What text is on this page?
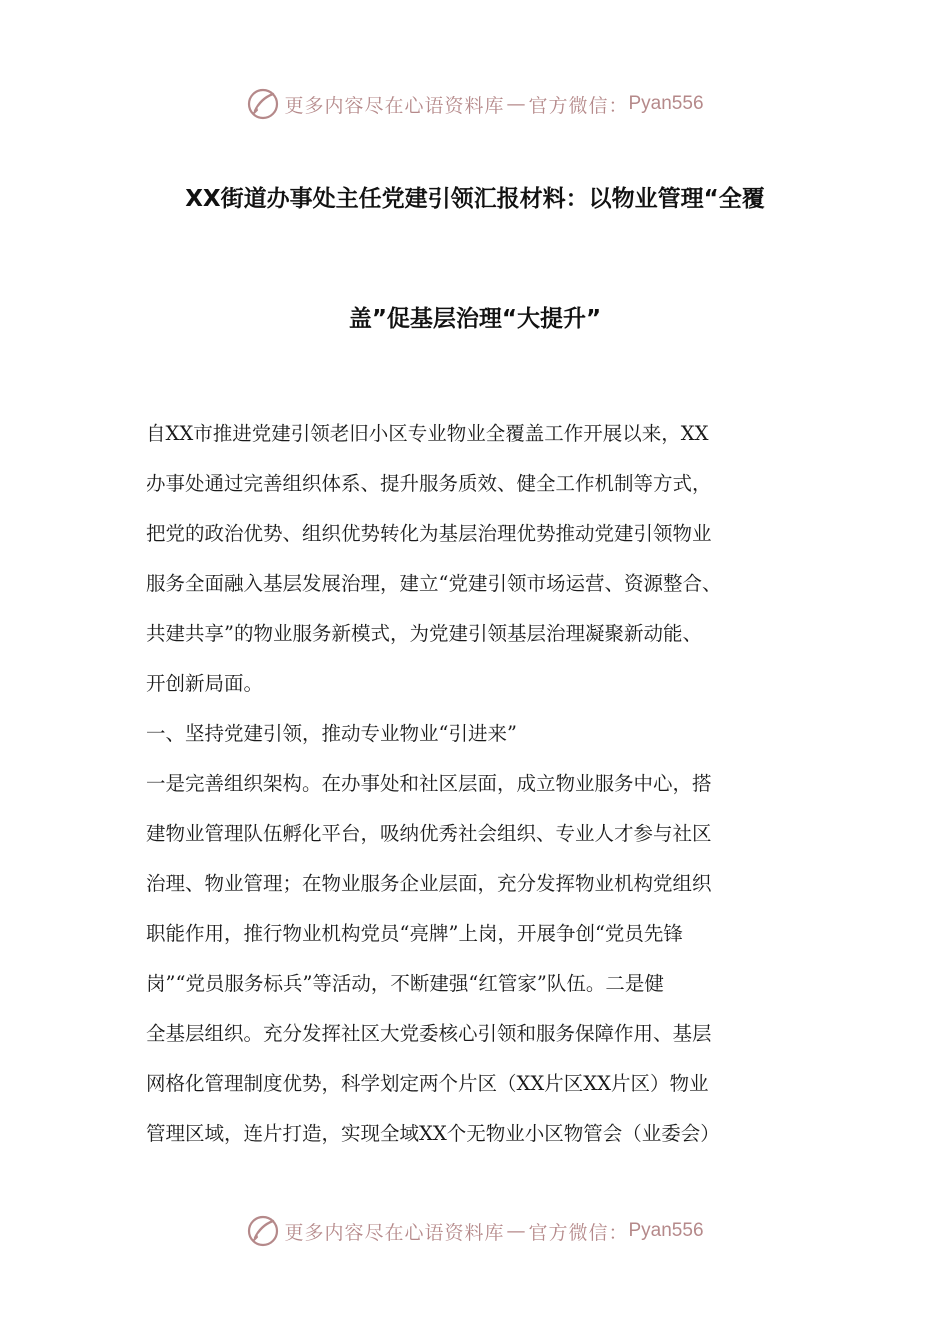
更多内容尽在心语资料库 — 官方微信： Pyan556
XX街道办事处主任党建引领汇报材料：以物业管理“全覆
盖”促基层治理“大提升”
自XX市推进党建引领老旧小区专业物业全覆盖工作开展以来，XX
办事处通过完善组织体系、提升服务质效、健全工作机制等方式，
把党的政治优势、组织优势转化为基层治理优势推动党建引领物业
服务全面融入基层发展治理，建立“党建引领市场运营、资源整合、
共建共享”的物业服务新模式，为党建引领基层治理凝聚新动能、
开创新局面。
一、坚持党建引领，推动专业物业“引进来”
一是完善组织架构。在办事处和社区层面，成立物业服务中心，搭
建物业管理队伍孵化平台，吸纳优秀社会组织、专业人才参与社区
治理、物业管理；在物业服务企业层面，充分发挥物业机构党组织
职能作用，推行物业机构党员“亮牌”上岗，开展争创“党员先锋
岗”“党员服务标兵”等活动，不断建强“红管家”队伍。二是健
全基层组织。充分发挥社区大党委核心引领和服务保障作用、基层
网格化管理制度优势，科学划定两个片区（XX片区XX片区）物业
管理区域，连片打造，实现全域XX个无物业小区物管会（业委会）
更多内容尽在心语资料库 — 官方微信： Pyan556
